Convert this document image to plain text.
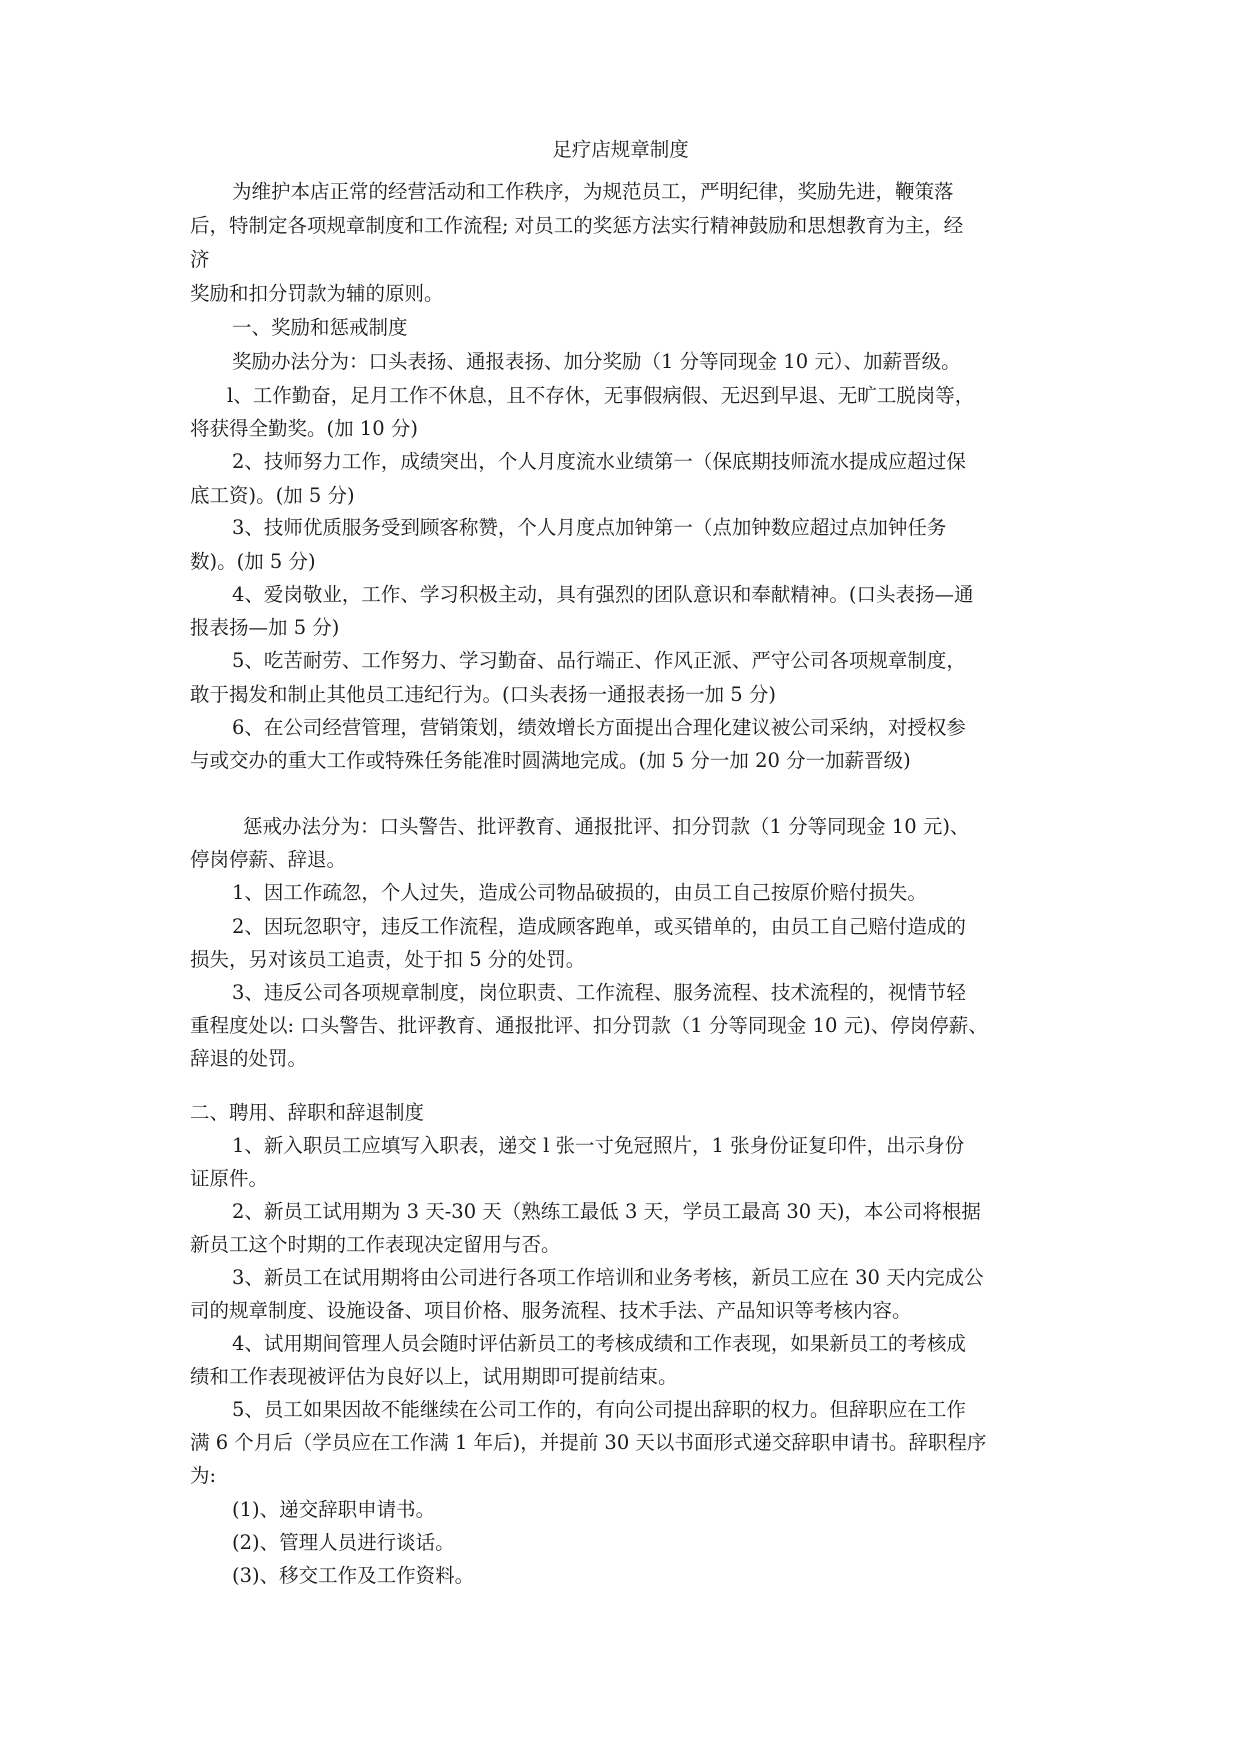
足疗店规章制度
为维护本店正常的经营活动和工作秩序，为规范员工，严明纪律，奖励先进，鞭策落
后，特制定各项规章制度和工作流程; 对员工的奖惩方法实行精神鼓励和思想教育为主，经
济
奖励和扣分罚款为辅的原则。
一、奖励和惩戒制度
奖励办法分为：口头表扬、通报表扬、加分奖励（1 分等同现金 10 元）、加薪晋级。
l、工作勤奋，足月工作不休息，且不存休，无事假病假、无迟到早退、无旷工脱岗等，
将获得全勤奖。(加 10 分)
2、技师努力工作，成绩突出，个人月度流水业绩第一（保底期技师流水提成应超过保
底工资)。(加 5 分)
3、技师优质服务受到顾客称赞，个人月度点加钟第一（点加钟数应超过点加钟任务
数)。(加 5 分)
4、爱岗敬业，工作、学习积极主动，具有强烈的团队意识和奉献精神。(口头表扬—通
报表扬—加 5 分)
5、吃苦耐劳、工作努力、学习勤奋、品行端正、作风正派、严守公司各项规章制度，
敢于揭发和制止其他员工违纪行为。(口头表扬一通报表扬一加 5 分)
6、在公司经营管理，营销策划，绩效增长方面提出合理化建议被公司采纳，对授权参
与或交办的重大工作或特殊任务能准时圆满地完成。(加 5 分一加 20 分一加薪晋级)
惩戒办法分为：口头警告、批评教育、通报批评、扣分罚款（1 分等同现金 10 元)、
停岗停薪、辞退。
1、因工作疏忽，个人过失，造成公司物品破损的，由员工自己按原价赔付损失。
2、因玩忽职守，违反工作流程，造成顾客跑单，或买错单的，由员工自己赔付造成的
损失，另对该员工追责，处于扣 5 分的处罚。
3、违反公司各项规章制度，岗位职责、工作流程、服务流程、技术流程的，视情节轻
重程度处以: 口头警告、批评教育、通报批评、扣分罚款（1 分等同现金 10 元)、停岗停薪、
辞退的处罚。
二、聘用、辞职和辞退制度
1、新入职员工应填写入职表，递交 l 张一寸免冠照片，1 张身份证复印件，出示身份
证原件。
2、新员工试用期为 3 天-30 天（熟练工最低 3 天，学员工最高 30 天)，本公司将根据
新员工这个时期的工作表现决定留用与否。
3、新员工在试用期将由公司进行各项工作培训和业务考核，新员工应在 30 天内完成公
司的规章制度、设施设备、项目价格、服务流程、技术手法、产品知识等考核内容。
4、试用期间管理人员会随时评估新员工的考核成绩和工作表现，如果新员工的考核成
绩和工作表现被评估为良好以上，试用期即可提前结束。
5、员工如果因故不能继续在公司工作的，有向公司提出辞职的权力。但辞职应在工作
满 6 个月后（学员应在工作满 1 年后)，并提前 30 天以书面形式递交辞职申请书。辞职程序
为:
(1)、递交辞职申请书。
(2)、管理人员进行谈话。
(3)、移交工作及工作资料。
